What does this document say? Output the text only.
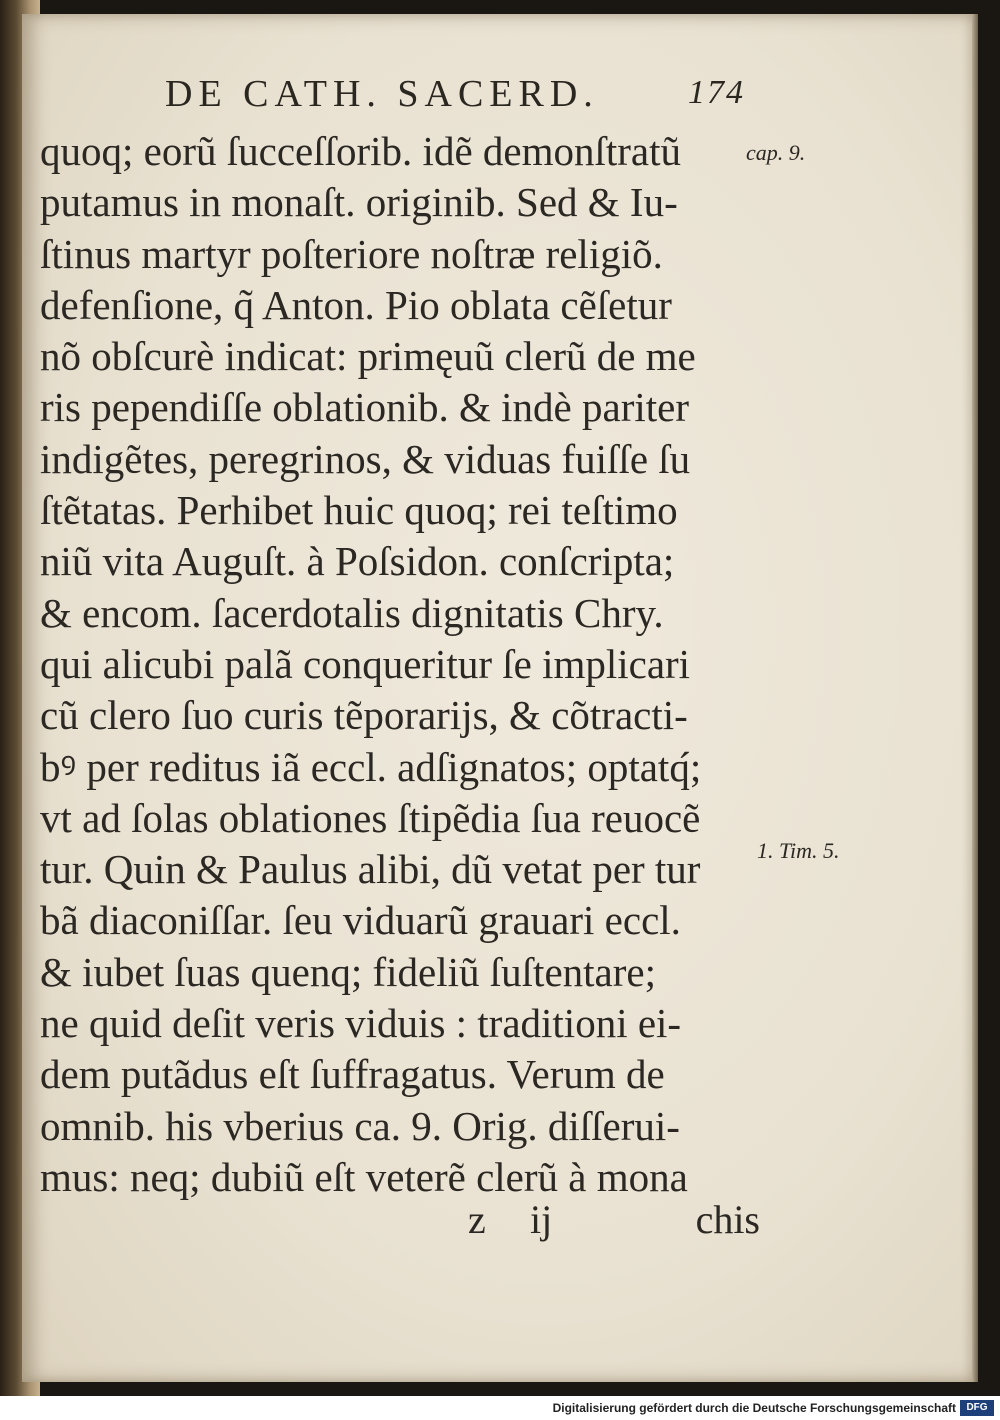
DE CATH. SACERD.	174
quoq; eorũ ſucceſſorib. idẽ demonſtratũ
putamus in monaſt. originib. Sed & Iu-
ſtinus martyr poſteriore noſtræ religiõ.
defenſione, q̃ Anton. Pio oblata cẽſetur
nõ obſcurè indicat: primęuũ clerũ de me
ris pependiſſe oblationib. & indè pariter
indigẽtes, peregrinos, & viduas fuiſſe ſu
ſtẽtatas. Perhibet huic quoq; rei teſtimo
niũ vita Auguſt. à Poſsidon. conſcripta;
& encom. ſacerdotalis dignitatis Chry.
qui alicubi palã conqueritur ſe implicari
cũ clero ſuo curis tẽporarijs, & cõtracti-
bꝰ per reditus iã eccl. adſignatos; optatq́;
vt ad ſolas oblationes ſtipẽdia ſua reuocẽ
tur. Quin & Paulus alibi, dũ vetat per tur
bã diaconiſſar. ſeu viduarũ grauari eccl.
& iubet ſuas quenq; fideliũ ſuſtentare;
ne quid deſit veris viduis : traditioni ei-
dem putãdus eſt ſuffragatus. Verum de
omnib. his vberius ca. 9. Orig. diſſerui-
mus: neq; dubiũ eſt veterẽ clerũ à mona
cap. 9.
1. Tim. 5.
z ij	chis
Digitalisierung gefördert durch die Deutsche Forschungsgemeinschaft	DFG
